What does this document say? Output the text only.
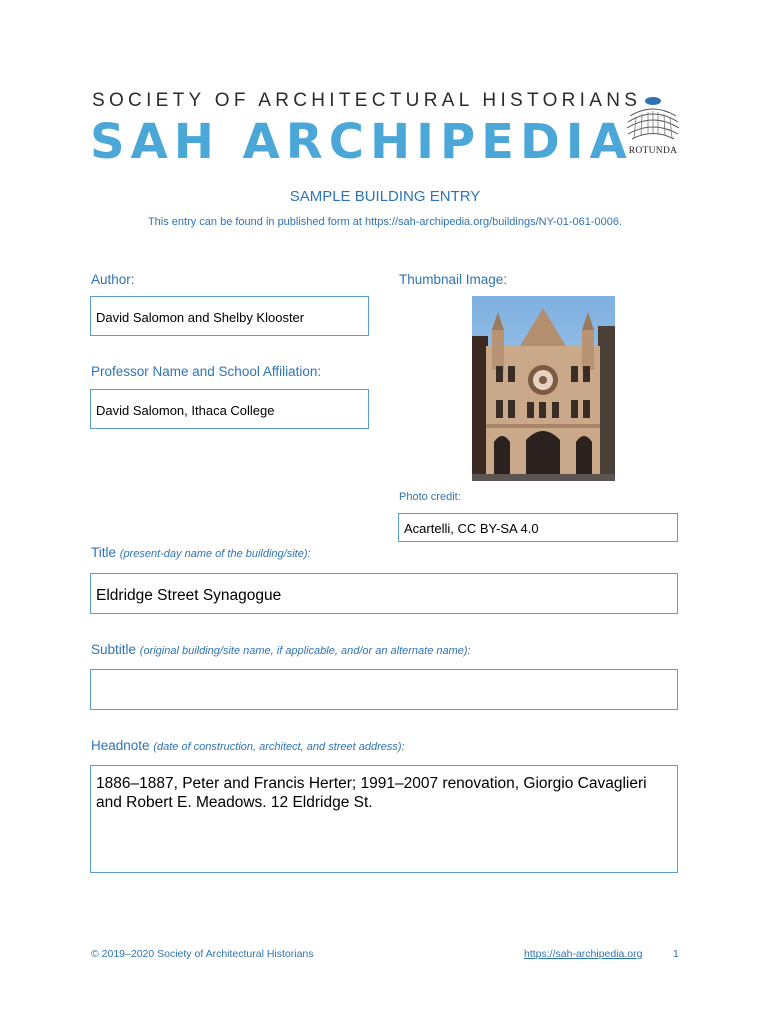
SOCIETY OF ARCHITECTURAL HISTORIANS
SAH ARCHIPEDIA
ROTUNDA
SAMPLE BUILDING ENTRY
This entry can be found in published form at https://sah-archipedia.org/buildings/NY-01-061-0006.
Author:
David Salomon and Shelby Klooster
Thumbnail Image:
Professor Name and School Affiliation:
David Salomon, Ithaca College
Photo credit:
Acartelli, CC BY-SA 4.0
Title (present-day name of the building/site):
Eldridge Street Synagogue
Subtitle (original building/site name, if applicable, and/or an alternate name):
Headnote (date of construction, architect, and street address):
1886–1887, Peter and Francis Herter; 1991–2007 renovation, Giorgio Cavaglieri and Robert E. Meadows. 12 Eldridge St.
© 2019–2020 Society of Architectural Historians	https://sah-archipedia.org	1
